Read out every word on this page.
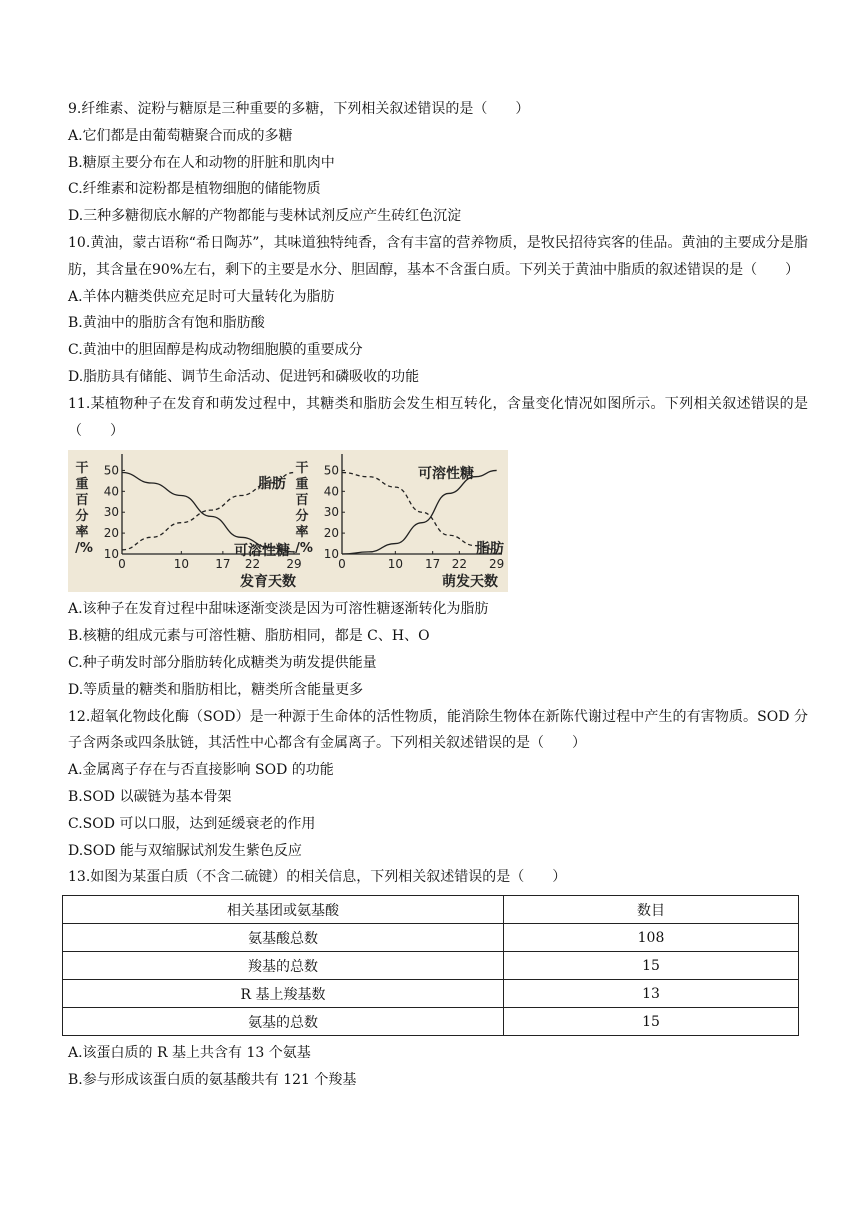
9.纤维素、淀粉与糖原是三种重要的多糖，下列相关叙述错误的是（　　）
A.它们都是由葡萄糖聚合而成的多糖
B.糖原主要分布在人和动物的肝脏和肌肉中
C.纤维素和淀粉都是植物细胞的储能物质
D.三种多糖彻底水解的产物都能与斐林试剂反应产生砖红色沉淀
10.黄油，蒙古语称“希日陶苏”，其味道独特纯香，含有丰富的营养物质，是牧民招待宾客的佳品。黄油的主要成分是脂肪，其含量在90%左右，剩下的主要是水分、胆固醇，基本不含蛋白质。下列关于黄油中脂质的叙述错误的是（　　）
A.羊体内糖类供应充足时可大量转化为脂肪
B.黄油中的脂肪含有饱和脂肪酸
C.黄油中的胆固醇是构成动物细胞膜的重要成分
D.脂肪具有储能、调节生命活动、促进钙和磷吸收的功能
11.某植物种子在发育和萌发过程中，其糖类和脂肪会发生相互转化，含量变化情况如图所示。下列相关叙述错误的是（　　）
10
20
30
40
50
0	10 17 22 29
干
重
百
分
率
/%
发育天数
脂肪
可溶性糖	10
20
30
40
50
0	10 17 22 29
干
重
百
分
率
/%
萌发天数
可溶性糖
脂肪
A.该种子在发育过程中甜味逐渐变淡是因为可溶性糖逐渐转化为脂肪
B.核糖的组成元素与可溶性糖、脂肪相同，都是 C、H、O
C.种子萌发时部分脂肪转化成糖类为萌发提供能量
D.等质量的糖类和脂肪相比，糖类所含能量更多
12.超氧化物歧化酶（SOD）是一种源于生命体的活性物质，能消除生物体在新陈代谢过程中产生的有害物质。SOD 分子含两条或四条肽链，其活性中心都含有金属离子。下列相关叙述错误的是（　　）
A.金属离子存在与否直接影响 SOD 的功能
B.SOD 以碳链为基本骨架
C.SOD 可以口服，达到延缓衰老的作用
D.SOD 能与双缩脲试剂发生紫色反应
13.如图为某蛋白质（不含二硫键）的相关信息，下列相关叙述错误的是（　　）
相关基团或氨基酸	数目
氨基酸总数	108
羧基的总数	15
R 基上羧基数	13
氨基的总数	15
A.该蛋白质的 R 基上共含有 13 个氨基
B.参与形成该蛋白质的氨基酸共有 121 个羧基
